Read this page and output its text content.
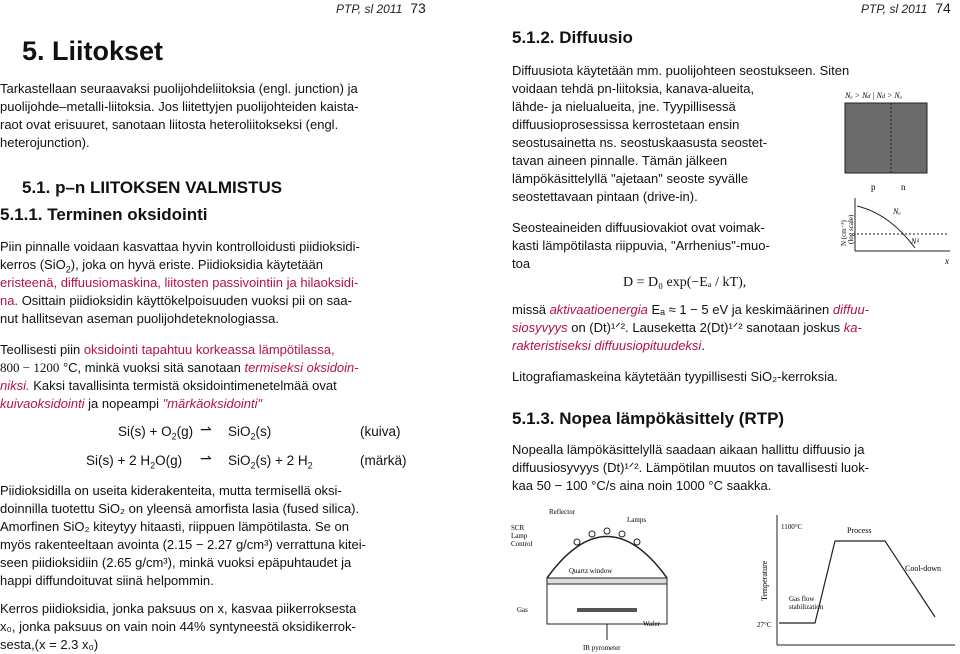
PTP, sl 2011 73
5. Liitokset
Tarkastellaan seuraavaksi puolijohdeliitoksia (engl. junction) ja
puolijohde–metalli-liitoksia. Jos liitettyjen puolijohteiden kaista-
raot ovat erisuuret, sanotaan liitosta heteroliitokseksi (engl.
heterojunction).
5.1. p–n LIITOKSEN VALMISTUS
5.1.1. Terminen oksidointi
Piin pinnalle voidaan kasvattaa hyvin kontrolloidusti piidioksidi-
kerros (SiO$_2$), joka on hyvä eriste. Piidioksidia käytetään
eristeenä, diffuusiomaskina, liitosten passivointiin ja hilaoksidi-
na. Osittain piidioksidin käyttökelpoisuuden vuoksi pii on saa-
nut hallitsevan aseman puolijohdeteknologiassa.
Teollisesti piin oksidointi tapahtuu korkeassa lämpötilassa,
800 − 1200 °C, minkä vuoksi sitä sanotaan termiseksi oksidoin-
niksi. Kaksi tavallisinta termistä oksidointimenetelmää ovat
kuivaoksidointi ja nopeampi "märkäoksidointi"
$Si(s) + O_2(g)$ ⇀ SiO$_2$(s)	(kuiva)
Si(s) + 2 $H_2O(g)$ ⇀ SiO$_2$(s) + 2 $H_2$	(märkä)
Piidioksidilla on useita kiderakenteita, mutta termisellä oksi-
doinnilla tuotettu SiO₂ on yleensä amorfista lasia (fused silica).
Amorfinen SiO₂ kiteytyy hitaasti, riippuen lämpötilasta. Se on
myös rakenteeltaan avointa (2.15 − 2.27 g/cm³) verrattuna kitei-
seen piidioksidiin (2.65 g/cm³), minkä vuoksi epäpuhtaudet ja
happi diffundoituvat siinä helpommin.
Kerros piidioksidia, jonka paksuus on x, kasvaa piikerroksesta
x₀, jonka paksuus on vain noin 44% syntyneestä oksidikerrok-
sesta,(x = 2.3 x₀)
PTP, sl 2011 74
5.1.2. Diffuusio
Diffuusiota käytetään mm. puolijohteen seostukseen. Siten
voidaan tehdä pn-liitoksia, kanava-alueita,
lähde- ja nielualueita, jne. Tyypillisessä
diffuusioprosessissa kerrostetaan ensin
seostusainetta ns. seostuskaasusta seostet-
tavan aineen pinnalle. Tämän jälkeen
lämpökäsittelyllä "ajetaan" seoste syvälle
seostettavaan pintaan (drive-in).
Seosteaineiden diffuusiovakiot ovat voimak-
kasti lämpötilasta riippuvia, "Arrhenius"-muo-
toa
D = D₀ exp(−Eₐ / kT),
missä aktivaatioenergia Eₐ ≈ 1 − 5 eV ja keskimäärinen diffuu-
siosyvyys on (Dt)¹ᐟ². Lauseketta 2(Dt)¹ᐟ² sanotaan joskus ka-
rakteristiseksi diffuusiopituudeksi.
Litografiamaskeina käytetään tyypillisesti SiO₂-kerroksia.
5.1.3. Nopea lämpökäsittely (RTP)
Nopealla lämpökäsittelyllä saadaan aikaan hallittu diffuusio ja
diffuusiosyvyys (Dt)¹ᐟ². Lämpötilan muutos on tavallisesti luok-
kaa 50 − 100 °C/s aina noin 1000 °C saakka.
Nₐ > Nd | Nd > Nₐ
p	n
Nₐ
Nᵈ
x
N (cm⁻³) (log scale)
Reflector
Lamps
SCR
Lamp
Control
Quartz window
Gas
Wafer
IR pyrometer
Temperature
1100°C	Process
Cool-down
Gas flow
stabilization
27°C
